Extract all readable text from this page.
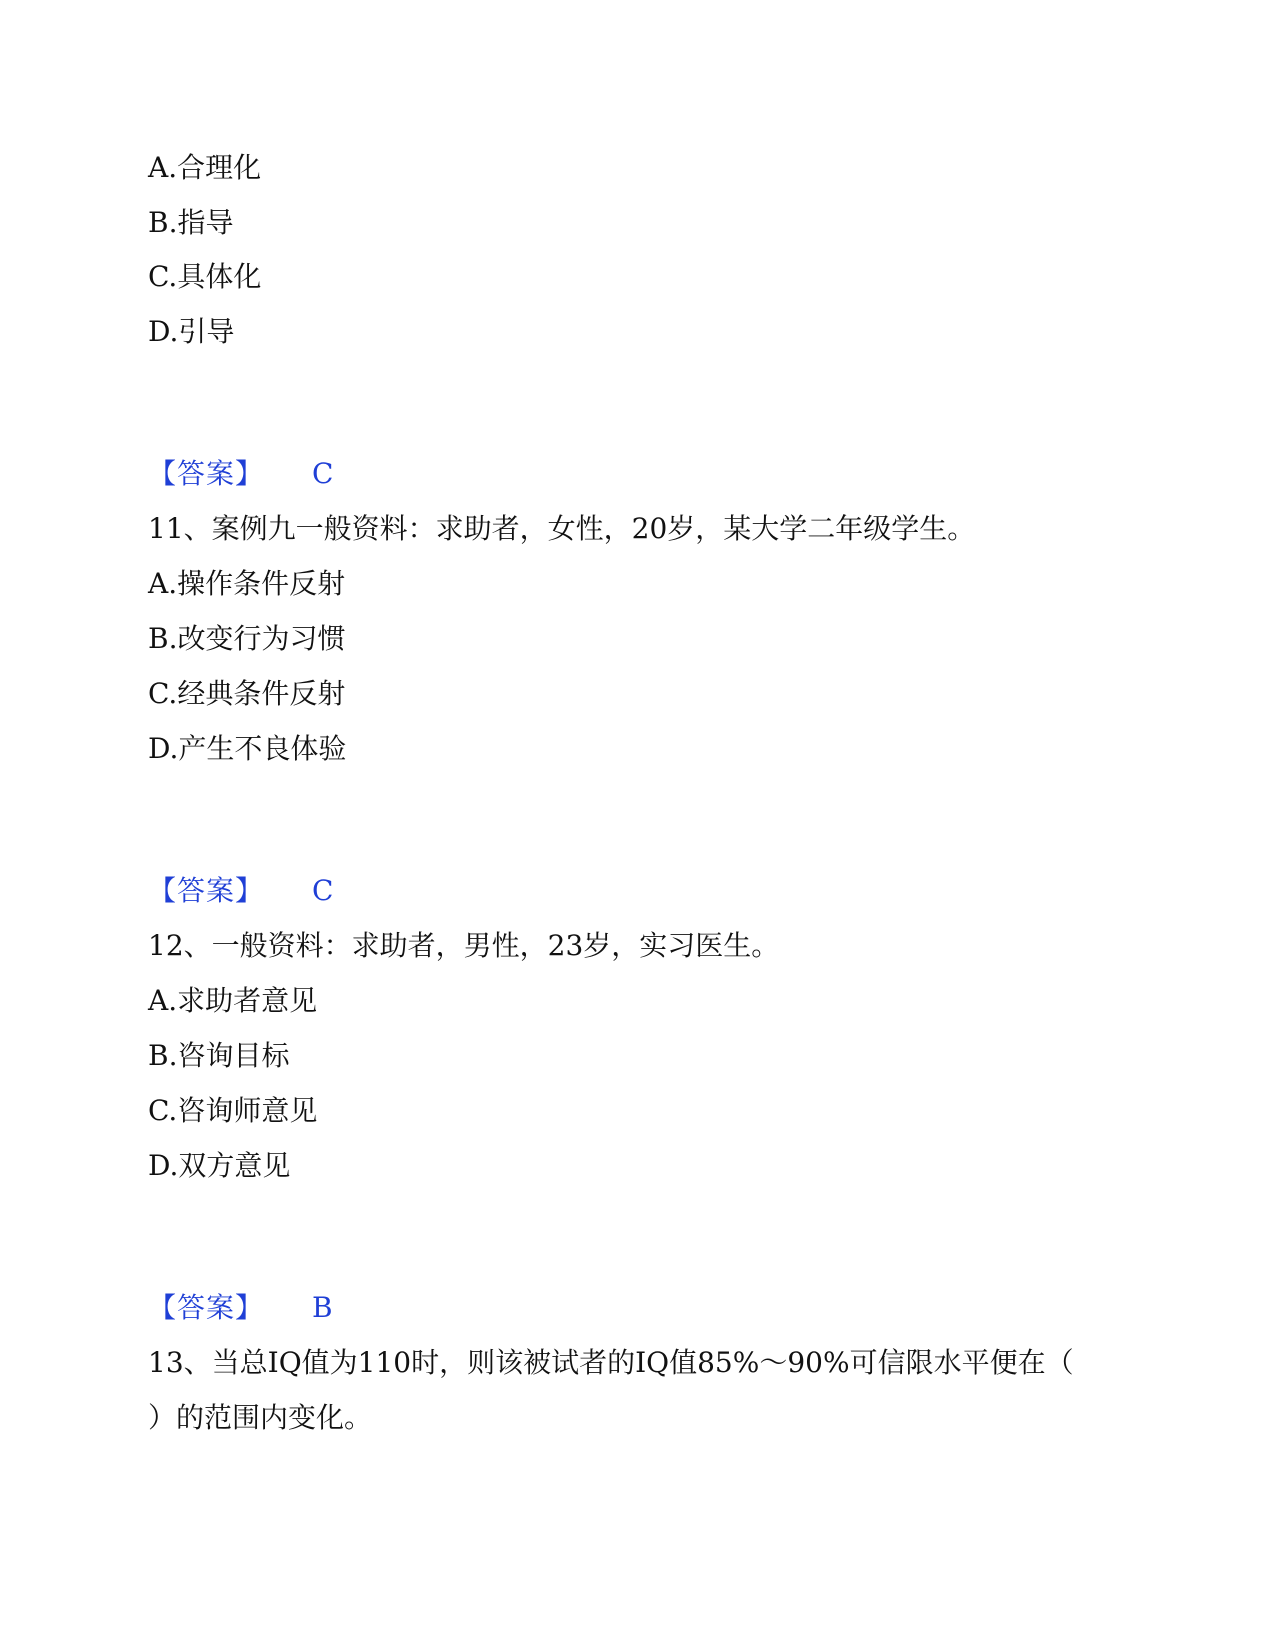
A.合理化
B.指导
C.具体化
D.引导
【答案】 C
11、案例九一般资料：求助者，女性，20岁，某大学二年级学生。
A.操作条件反射
B.改变行为习惯
C.经典条件反射
D.产生不良体验
【答案】 C
12、一般资料：求助者，男性，23岁，实习医生。
A.求助者意见
B.咨询目标
C.咨询师意见
D.双方意见
【答案】 B
13、当总IQ值为110时，则该被试者的IQ值85%～90%可信限水平便在（
）的范围内变化。
